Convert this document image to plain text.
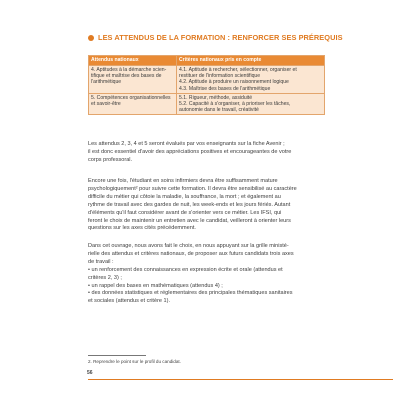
LES ATTENDUS DE LA FORMATION : RENFORCER SES PRÉREQUIS
Attendus nationaux	Critères nationaux pris en compte

4. Aptitudes à la démarche scien-
tifique et maîtrise des bases de
l'arithmétique	4.1. Aptitude à rechercher, sélectionner, organiser et
restituer de l'information scientifique
4.2. Aptitude à produire un raisonnement logique
4.3. Maîtrise des bases de l'arithmétique

5. Compétences organisationnelles
et savoir-être	5.1. Rigueur, méthode, assiduité
5.2. Capacité à s'organiser, à prioriser les tâches,
autonomie dans le travail, créativité

Les attendus 2, 3, 4 et 5 seront évalués par vos enseignants sur la fiche Avenir ;

il est donc essentiel d'avoir des appréciations positives et encourageantes de votre

corps professoral.

Encore une fois, l'étudiant en soins infirmiers devra être suffisamment mature

psychologiquement² pour suivre cette formation. Il devra être sensibilisé au caractère

difficile du métier qui côtoie la maladie, la souffrance, la mort ; et également au

rythme de travail avec des gardes de nuit, les week-ends et les jours fériés. Autant

d'éléments qu'il faut considérer avant de s'orienter vers ce métier. Les IFSI, qui

feront le choix de maintenir un entretien avec le candidat, veilleront à orienter leurs

questions sur les axes cités précédemment.

Dans cet ouvrage, nous avons fait le choix, en nous appuyant sur la grille ministé-

rielle des attendus et critères nationaux, de proposer aux futurs candidats trois axes

de travail :

• un renforcement des connaissances en expression écrite et orale (attendus et

critères 2, 3) ;

• un rappel des bases en mathématiques (attendus 4) ;

• des données statistiques et réglementaires des principales thématiques sanitaires

et sociales (attendus et critère 1).

2. Reprendre le point sur le profil du candidat.
56
